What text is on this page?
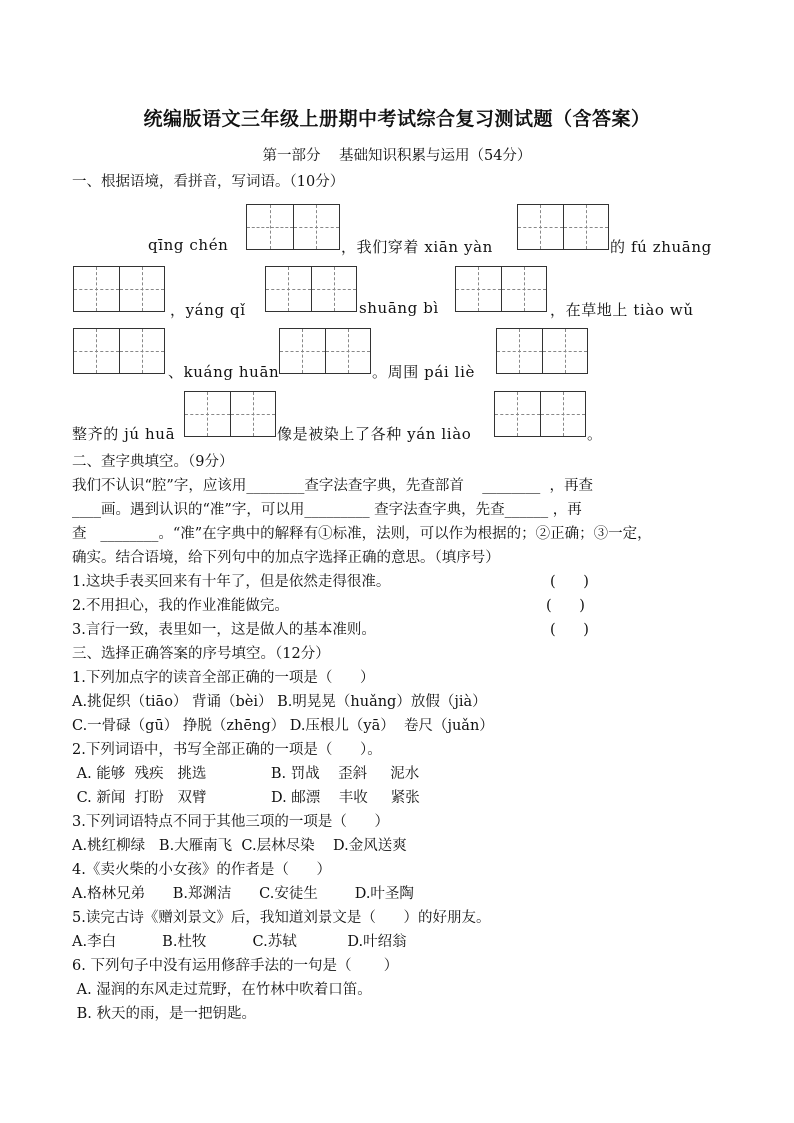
统编版语文三年级上册期中考试综合复习测试题（含答案）
第一部分    基础知识积累与运用（54分）
一、根据语境，看拼音，写词语。（10分）
qīng chén	，我们穿着 xiān yàn	的 fú zhuāng
，yáng qǐ	shuāng bì	，在草地上 tiào wǔ
、kuáng huān	。周围 pái liè
整齐的 jú huā	像是被染上了各种 yán liào	。
二、查字典填空。（9分）
我们不认识“腔”字，应该用________查字法查字典，先查部首    ________  ，再查
____画。遇到认识的“准”字，可以用_________ 查字法查字典，先查______ ，再
查   ________。“准”在字典中的解释有①标准，法则，可以作为根据的；②正确；③一定，
确实。结合语境，给下列句中的加点字选择正确的意思。（填序号）
1.这块手表买回来有十年了，但是依然走得很准。	(      )
2.不用担心，我的作业准能做完。	(      )
3.言行一致，表里如一，这是做人的基本准则。	(      )
三、选择正确答案的序号填空。（12分）
1.下列加点字的读音全部正确的一项是（      ）
A.挑促织（tiāo） 背诵（bèi） B.明晃晃（huǎng）放假（jià）
C.一骨碌（gū） 挣脱（zhēng） D.压根儿（yā）  卷尺（juǎn）
2.下列词语中，书写全部正确的一项是（      ）。
A. 能够  残疾   挑选              B. 罚战    歪斜     泥水
C. 新闻  打盼   双臂              D. 邮漂    丰收     紧张
3.下列词语特点不同于其他三项的一项是（      ）
A.桃红柳绿   B.大雁南飞  C.层林尽染    D.金风送爽
4.《卖火柴的小女孩》的作者是（      ）
A.格林兄弟      B.郑渊洁      C.安徒生        D.叶圣陶
5.读完古诗《赠刘景文》后，我知道刘景文是（      ）的好朋友。
A.李白          B.杜牧          C.苏轼           D.叶绍翁
6. 下列句子中没有运用修辞手法的一句是（       ）
A. 湿润的东风走过荒野，在竹林中吹着口笛。
B. 秋天的雨，是一把钥匙。
